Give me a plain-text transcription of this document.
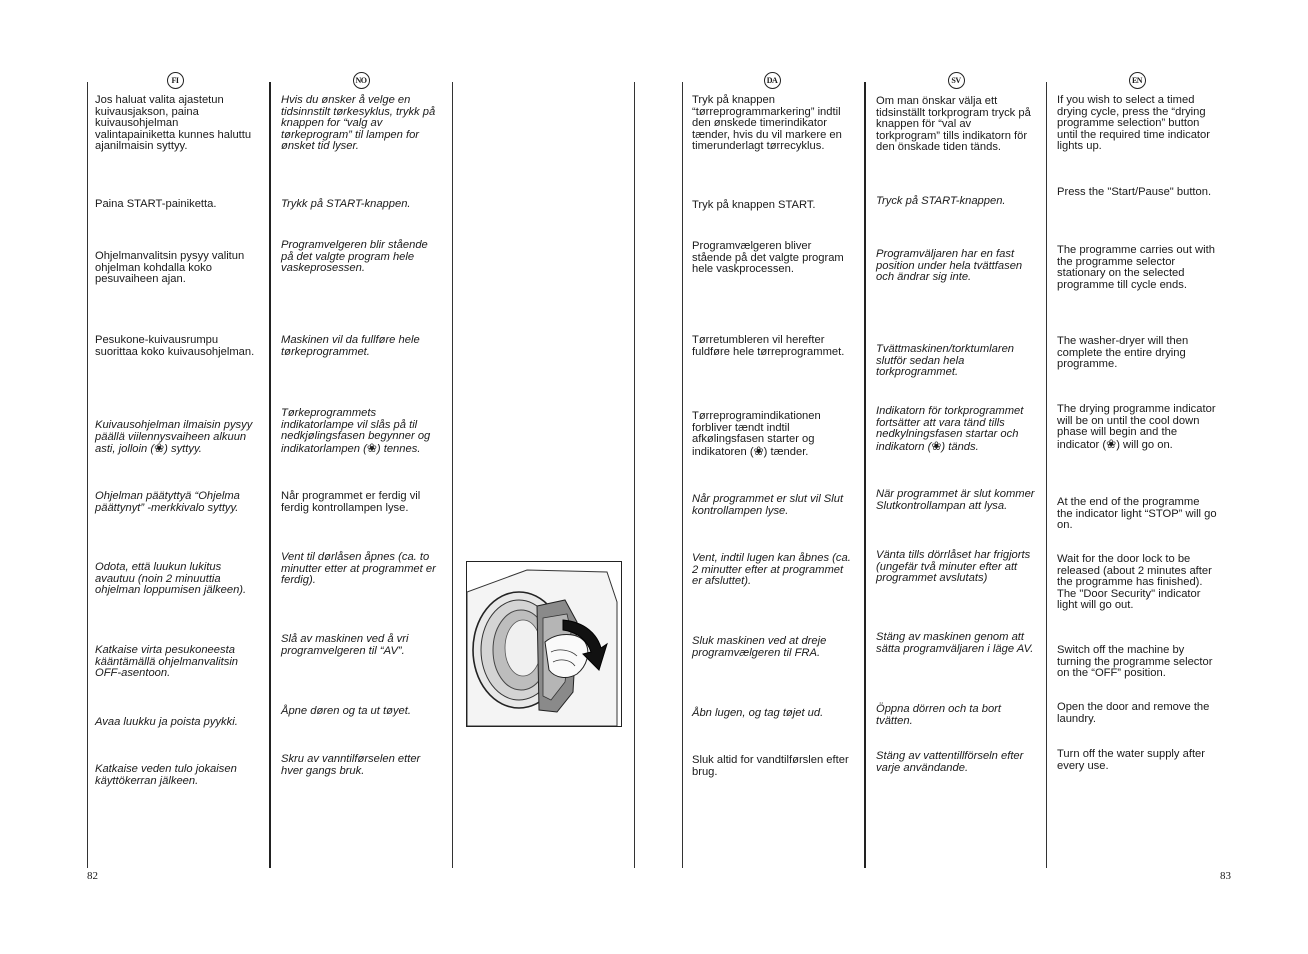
FI

Jos haluat valita ajastetun kuivausjakson, paina kuivausohjelman valintapainiketta kunnes haluttu ajanilmaisin syttyy.

Paina START-painiketta.

Ohjelmanvalitsin pysyy valitun ohjelman kohdalla koko pesuvaiheen ajan.

Pesukone-kuivausrumpu suorittaa koko kuivausohjelman.

Kuivausohjelman ilmaisin pysyy päällä viilennysvaiheen alkuun asti, jolloin (❀) syttyy.

Ohjelman päätyttyä “Ohjelma päättynyt” -merkkivalo syttyy.

Odota, että luukun lukitus avautuu (noin 2 minuuttia ohjelman loppumisen jälkeen).

Katkaise virta pesukoneesta kääntämällä ohjelmanvalitsin OFF-asentoon.

Avaa luukku ja poista pyykki.

Katkaise veden tulo jokaisen käyttökerran jälkeen.

NO

Hvis du ønsker å velge en tidsinnstilt tørkesyklus, trykk på knappen for “valg av tørkeprogram” til lampen for ønsket tid lyser.

Trykk på START-knappen.

Programvelgeren blir stående på det valgte program hele vaskeprosessen.

Maskinen vil da fullføre hele tørkeprogrammet.

Tørkeprogrammets indikatorlampe vil slås på til nedkjølingsfasen begynner og indikatorlampen (❀) tennes.

Når programmet er ferdig vil ferdig kontrollampen lyse.

Vent til dørlåsen åpnes (ca. to minutter etter at programmet er ferdig).

Slå av maskinen ved å vri programvelgeren til “AV”.

Åpne døren og ta ut tøyet.

Skru av vanntilførselen etter hver gangs bruk.

DA

Tryk på knappen “tørreprogrammarkering” indtil den ønskede timerindikator tænder, hvis du vil markere en timerunderlagt tørrecyklus.

Tryk på knappen START.

Programvælgeren bliver stående på det valgte program hele vaskprocessen.

Tørretumbleren vil herefter fuldføre hele tørreprogrammet.

Tørreprogramindikationen forbliver tændt indtil afkølingsfasen starter og indikatoren (❀) tænder.

Når programmet er slut vil Slut kontrollampen lyse.

Vent, indtil lugen kan åbnes (ca. 2 minutter efter at programmet er afsluttet).

Sluk maskinen ved at dreje programvælgeren til FRA.

Åbn lugen, og tag tøjet ud.

Sluk altid for vandtilførslen efter brug.

SV

Om man önskar välja ett tidsinställt torkprogram tryck på knappen för “val av torkprogram” tills indikatorn för den önskade tiden tänds.

Tryck på START-knappen.

Programväljaren har en fast position under hela tvättfasen och ändrar sig inte.

Tvättmaskinen/torktumlaren slutför sedan hela torkprogrammet.

Indikatorn för torkprogrammet fortsätter att vara tänd tills nedkylningsfasen startar och indikatorn (❀) tänds.

När programmet är slut kommer Slutkontrollampan att lysa.

Vänta tills dörrlåset har frigjorts (ungefär två minuter efter att programmet avslutats)

Stäng av maskinen genom att sätta programväljaren i läge AV.

Öppna dörren och ta bort tvätten.

Stäng av vattentillförseln efter varje användande.

EN

If you wish to select a timed drying cycle, press the “drying programme selection” button until the required time indicator lights up.

Press the "Start/Pause" button.

The programme carries out with the programme selector stationary on the selected programme till cycle ends.

The washer-dryer will then complete the entire drying programme.

The drying programme indicator will be on until the cool down phase will begin and the indicator (❀) will go on.

At the end of the programme the indicator light “STOP” will go on.

Wait for the door lock to be released (about 2 minutes after the programme has finished).
The "Door Security" indicator light will go out.

Switch off the machine by turning the programme selector on the “OFF” position.

Open the door and remove the laundry.

Turn off the water supply after every use.

82	83
